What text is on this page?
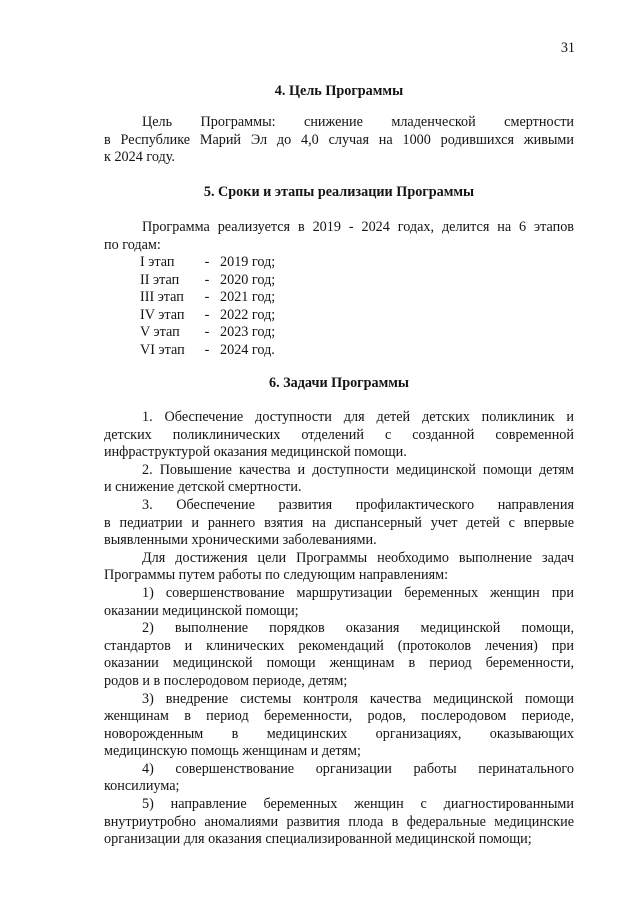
31
4. Цель Программы
Цель Программы: снижение младенческой смертности
в Республике Марий Эл до 4,0 случая на 1000 родившихся живыми
к 2024 году.
5. Сроки и этапы реализации Программы
Программа реализуется в 2019 - 2024 годах, делится на 6 этапов
по годам:
I этап	- 2019 год;
II этап	- 2020 год;
III этап	- 2021 год;
IV этап	- 2022 год;
V этап	- 2023 год;
VI этап	- 2024 год.
6. Задачи Программы
1. Обеспечение доступности для детей детских поликлиник и
детских поликлинических отделений с созданной современной
инфраструктурой оказания медицинской помощи.
2. Повышение качества и доступности медицинской помощи детям
и снижение детской смертности.
3. Обеспечение развития профилактического направления
в педиатрии и раннего взятия на диспансерный учет детей с впервые
выявленными хроническими заболеваниями.
Для достижения цели Программы необходимо выполнение задач
Программы путем работы по следующим направлениям:
1) совершенствование маршрутизации беременных женщин при
оказании медицинской помощи;
2) выполнение порядков оказания медицинской помощи,
стандартов и клинических рекомендаций (протоколов лечения) при
оказании медицинской помощи женщинам в период беременности,
родов и в послеродовом периоде, детям;
3) внедрение системы контроля качества медицинской помощи
женщинам в период беременности, родов, послеродовом периоде,
новорожденным в медицинских организациях, оказывающих
медицинскую помощь женщинам и детям;
4) совершенствование организации работы перинатального
консилиума;
5) направление беременных женщин с диагностированными
внутриутробно аномалиями развития плода в федеральные медицинские
организации для оказания специализированной медицинской помощи;
